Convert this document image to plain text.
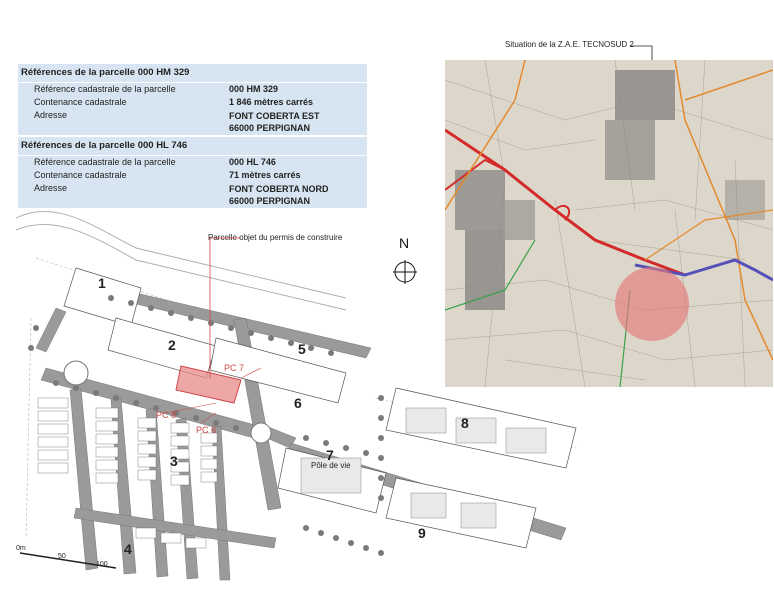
Références de la parcelle 000 HM 329
Référence cadastrale de la parcelle	000 HM 329
Contenance cadastrale	1 846 mètres carrés
Adresse	FONT COBERTA EST
66000 PERPIGNAN
Références de la parcelle 000 HL 746
Référence cadastrale de la parcelle	000 HL 746
Contenance cadastrale	71 mètres carrés
Adresse	FONT COBERTA NORD
66000 PERPIGNAN
Situation de la Z.A.E. TECNOSUD 2
Parcelle objet du permis de construire	N
PC 7
PC 8
PC 6
1
2
3
4
5
6
7
8
9
Pôle de vie
0m
50
100
